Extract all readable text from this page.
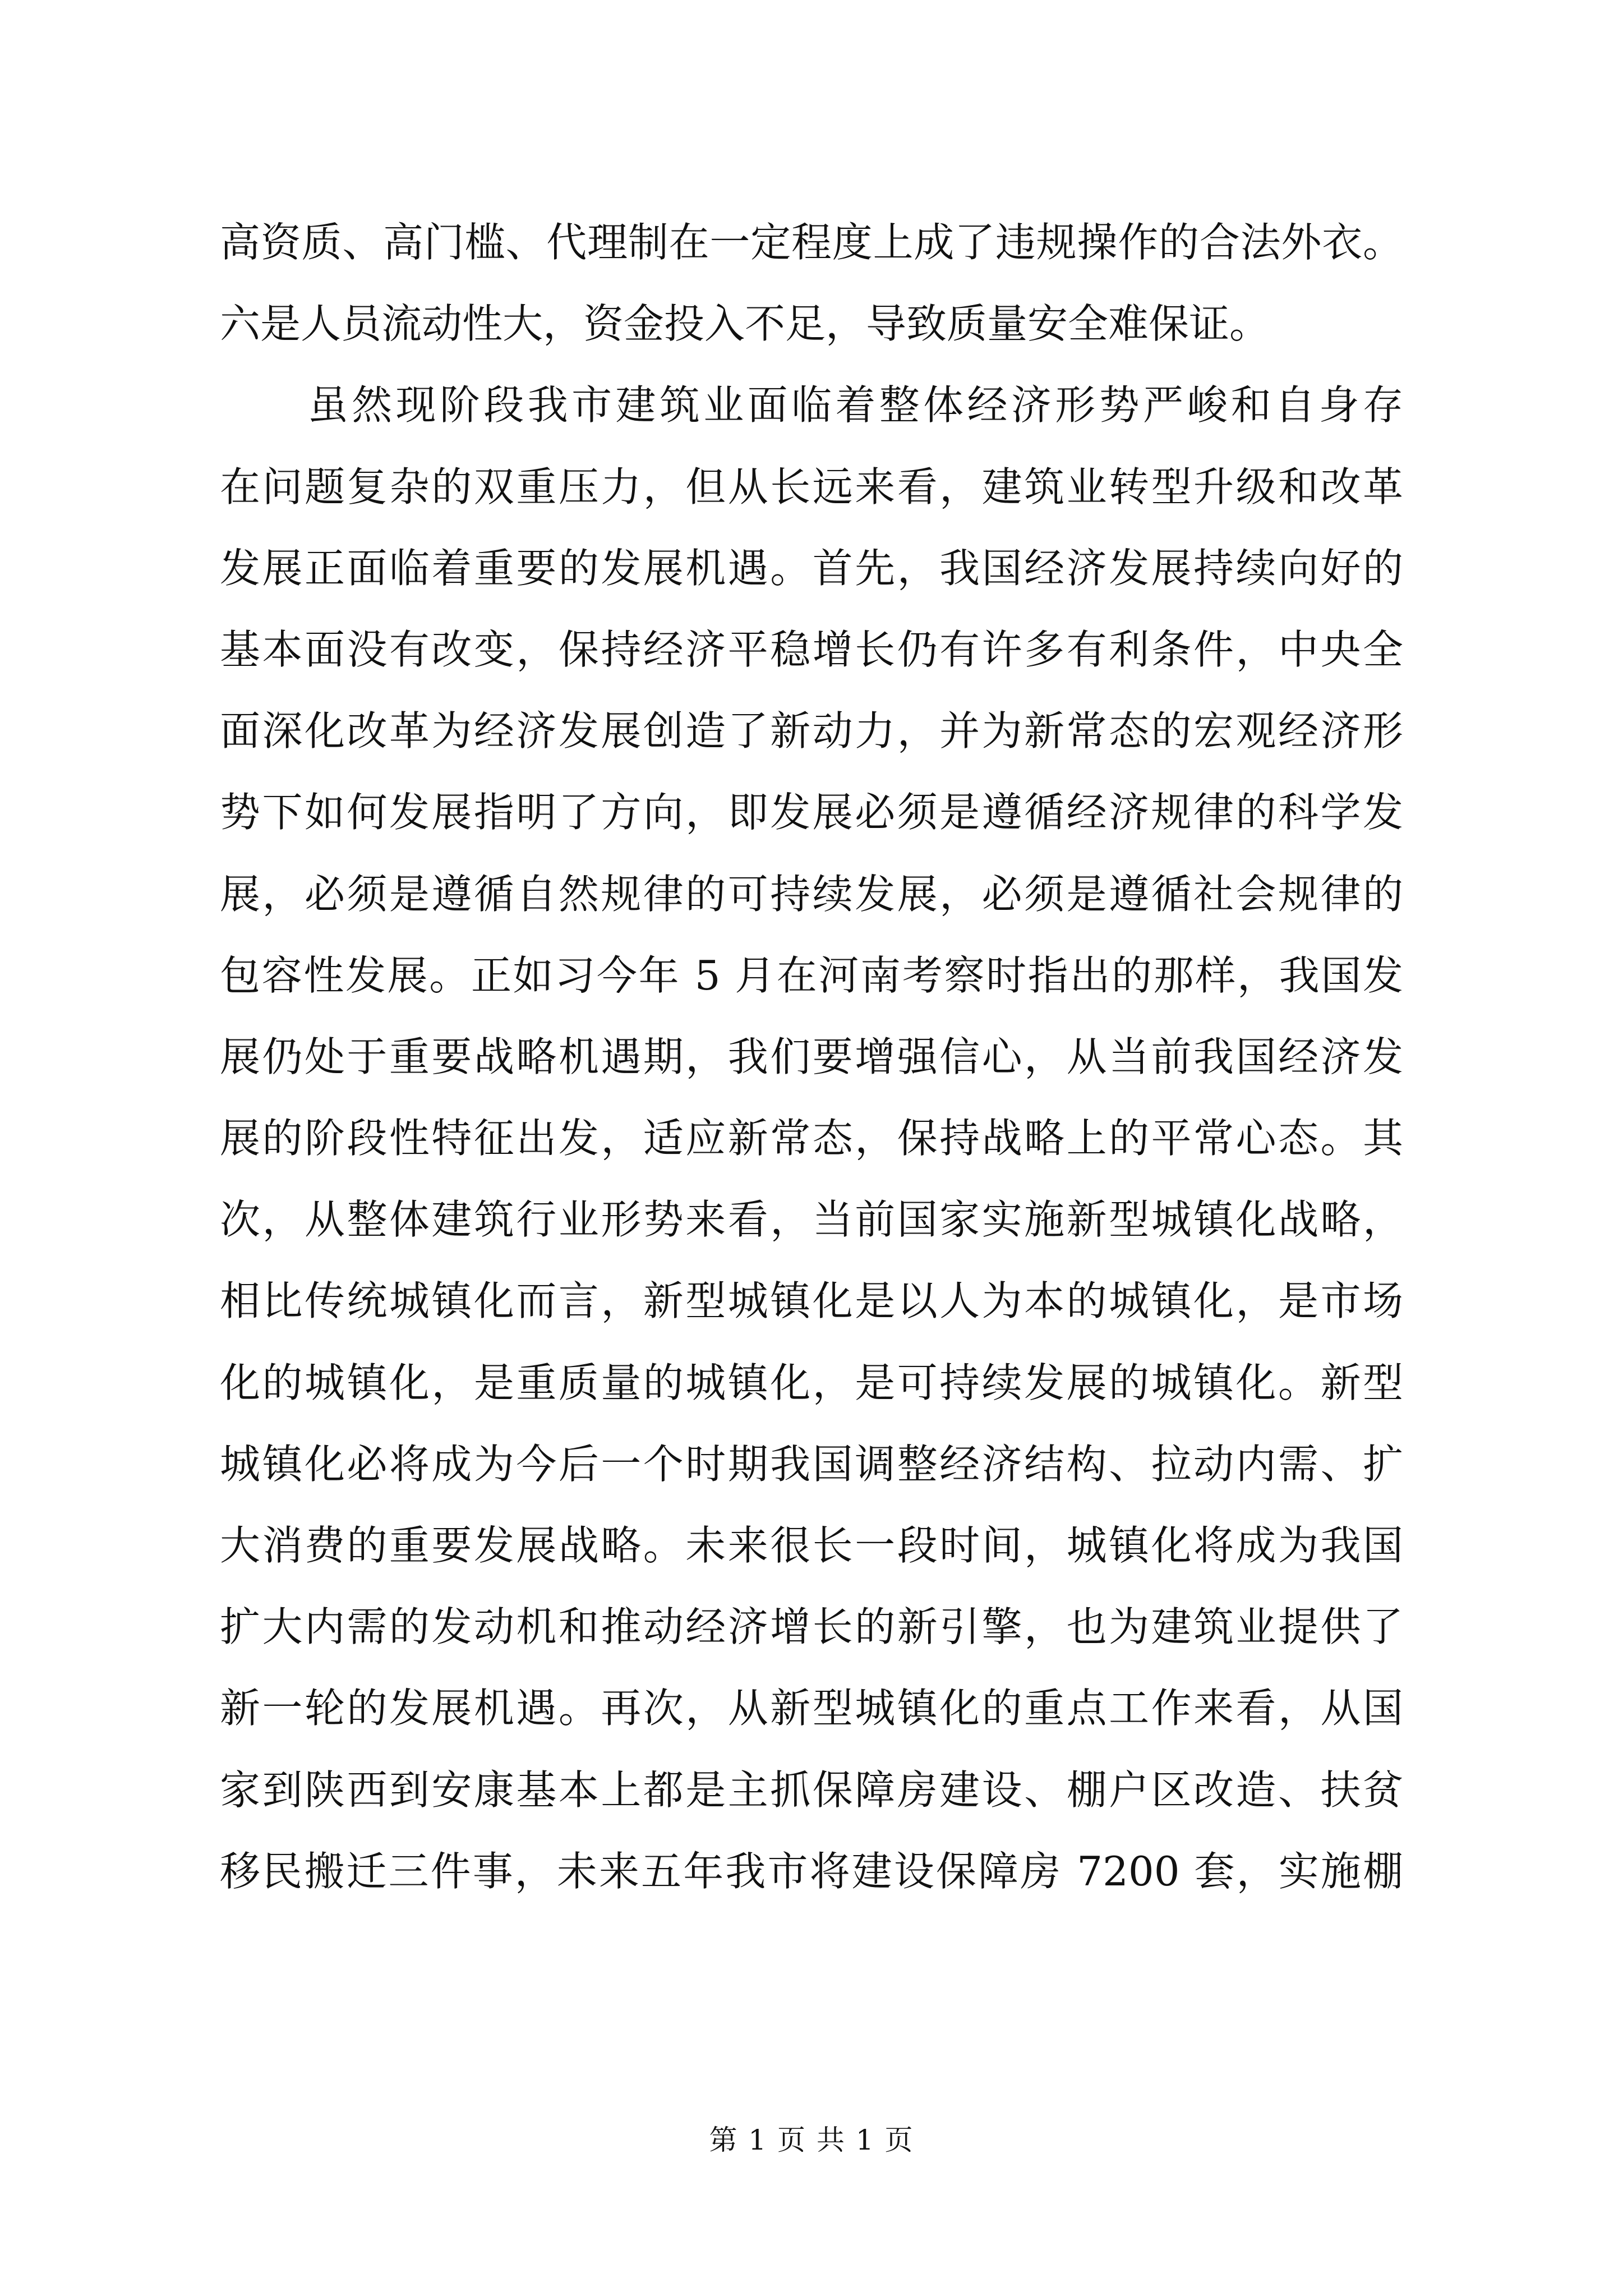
高资质、高门槛、代理制在一定程度上成了违规操作的合法外衣。
六是人员流动性大，资金投入不足，导致质量安全难保证。
　　虽然现阶段我市建筑业面临着整体经济形势严峻和自身存
在问题复杂的双重压力，但从长远来看，建筑业转型升级和改革
发展正面临着重要的发展机遇。首先，我国经济发展持续向好的
基本面没有改变，保持经济平稳增长仍有许多有利条件，中央全
面深化改革为经济发展创造了新动力，并为新常态的宏观经济形
势下如何发展指明了方向，即发展必须是遵循经济规律的科学发
展，必须是遵循自然规律的可持续发展，必须是遵循社会规律的
包容性发展。正如习今年 5 月在河南考察时指出的那样，我国发
展仍处于重要战略机遇期，我们要增强信心，从当前我国经济发
展的阶段性特征出发，适应新常态，保持战略上的平常心态。其
次，从整体建筑行业形势来看，当前国家实施新型城镇化战略，
相比传统城镇化而言，新型城镇化是以人为本的城镇化，是市场
化的城镇化，是重质量的城镇化，是可持续发展的城镇化。新型
城镇化必将成为今后一个时期我国调整经济结构、拉动内需、扩
大消费的重要发展战略。未来很长一段时间，城镇化将成为我国
扩大内需的发动机和推动经济增长的新引擎，也为建筑业提供了
新一轮的发展机遇。再次，从新型城镇化的重点工作来看，从国
家到陕西到安康基本上都是主抓保障房建设、棚户区改造、扶贫
移民搬迁三件事，未来五年我市将建设保障房 7200 套，实施棚
第 1 页 共 1 页
